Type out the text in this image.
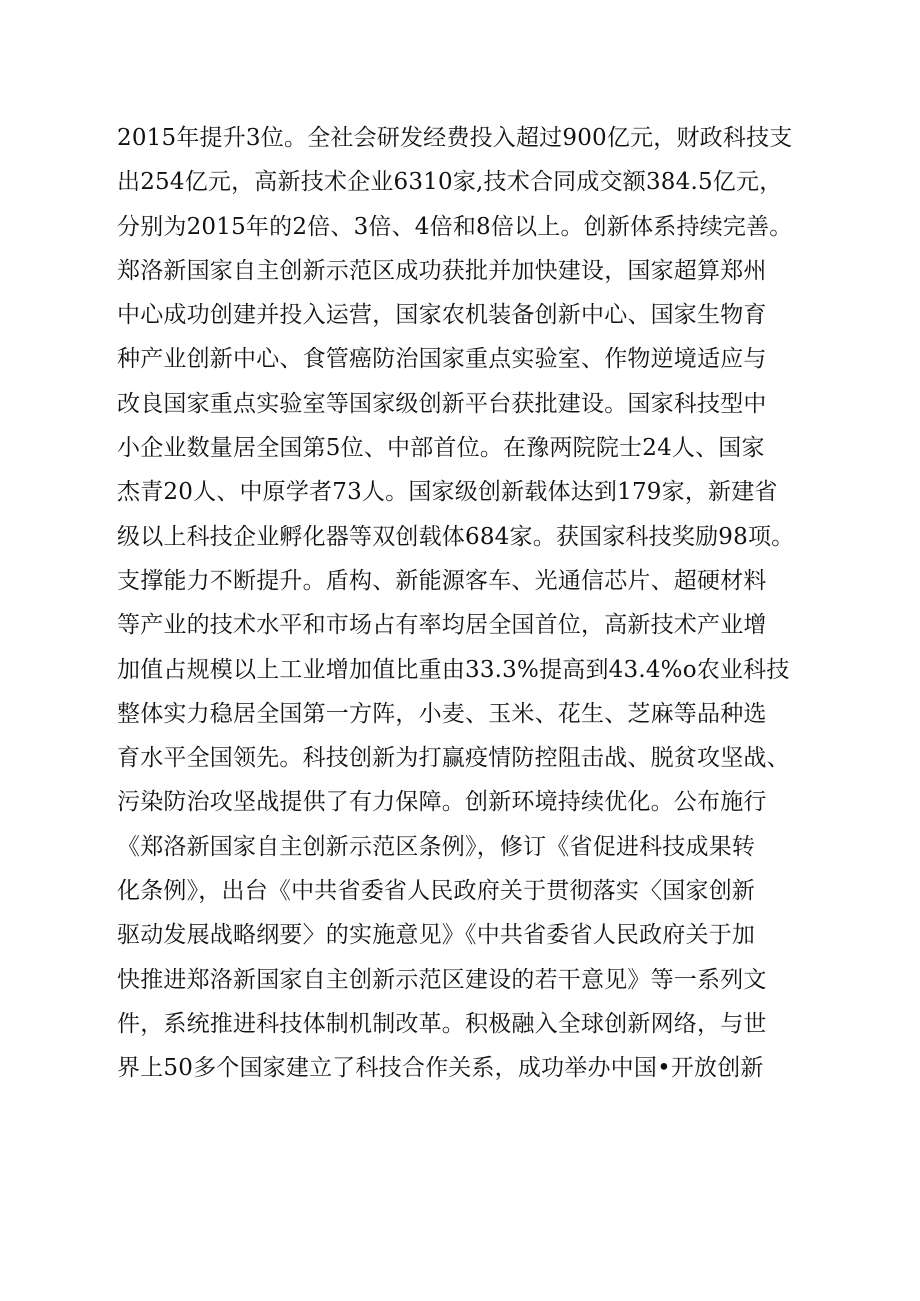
2015年提升3位。全社会研发经费投入超过900亿元，财政科技支
出254亿元，高新技术企业6310家,技术合同成交额384.5亿元，
分别为2015年的2倍、3倍、4倍和8倍以上。创新体系持续完善。
郑洛新国家自主创新示范区成功获批并加快建设，国家超算郑州
中心成功创建并投入运营，国家农机装备创新中心、国家生物育
种产业创新中心、食管癌防治国家重点实验室、作物逆境适应与
改良国家重点实验室等国家级创新平台获批建设。国家科技型中
小企业数量居全国第5位、中部首位。在豫两院院士24人、国家
杰青20人、中原学者73人。国家级创新载体达到179家，新建省
级以上科技企业孵化器等双创载体684家。获国家科技奖励98项。
支撑能力不断提升。盾构、新能源客车、光通信芯片、超硬材料
等产业的技术水平和市场占有率均居全国首位，高新技术产业增
加值占规模以上工业增加值比重由33.3%提高到43.4%o农业科技
整体实力稳居全国第一方阵，小麦、玉米、花生、芝麻等品种选
育水平全国领先。科技创新为打赢疫情防控阻击战、脱贫攻坚战、
污染防治攻坚战提供了有力保障。创新环境持续优化。公布施行
《郑洛新国家自主创新示范区条例》，修订《省促进科技成果转
化条例》，出台《中共省委省人民政府关于贯彻落实〈国家创新
驱动发展战略纲要〉的实施意见》《中共省委省人民政府关于加
快推进郑洛新国家自主创新示范区建设的若干意见》等一系列文
件，系统推进科技体制机制改革。积极融入全球创新网络，与世
界上50多个国家建立了科技合作关系，成功举办中国•开放创新
